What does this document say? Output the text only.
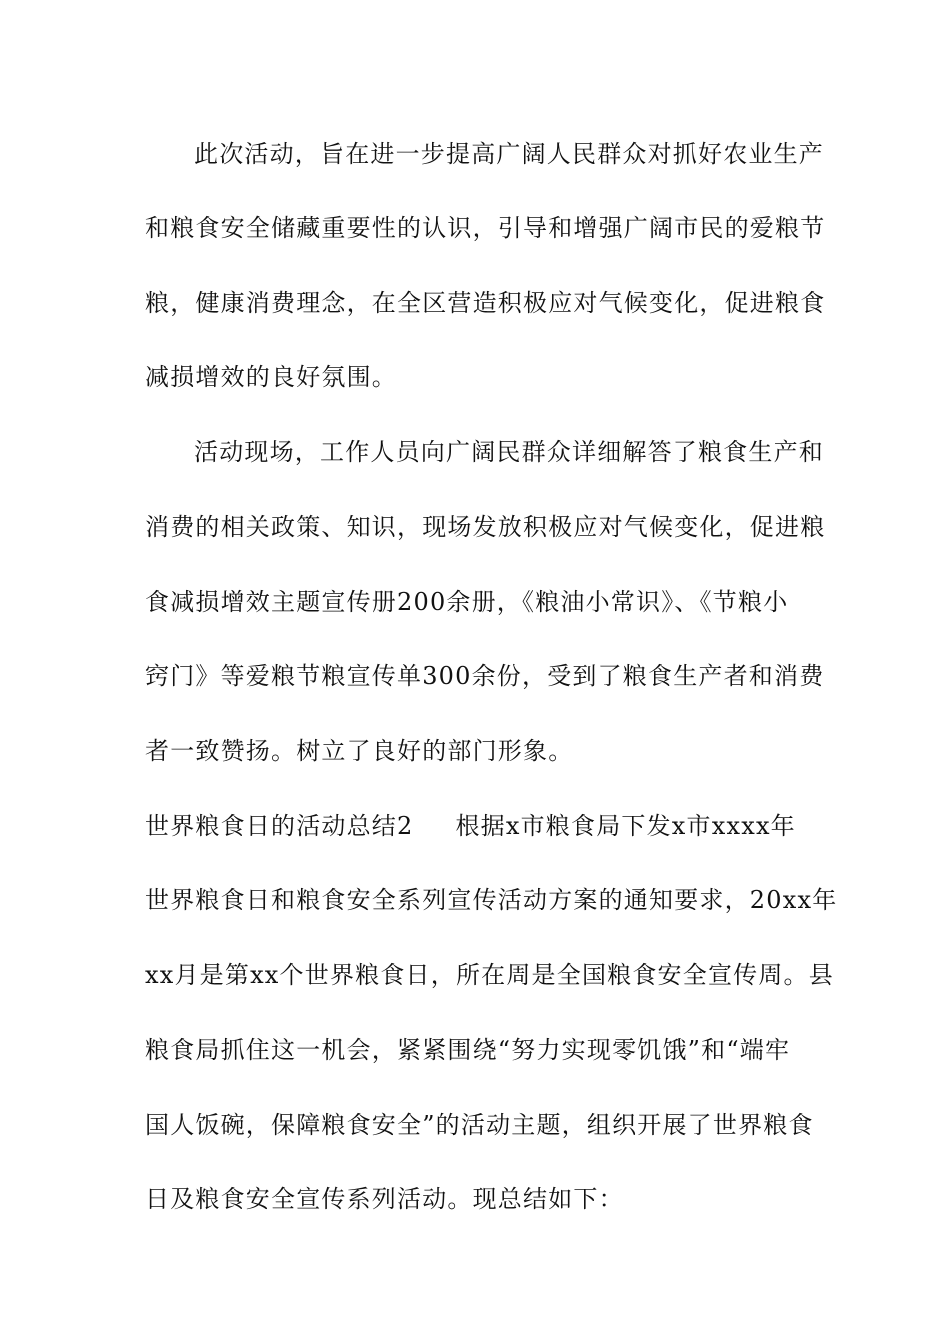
此次活动，旨在进一步提高广阔人民群众对抓好农业生产
和粮食安全储藏重要性的认识，引导和增强广阔市民的爱粮节
粮，健康消费理念，在全区营造积极应对气候变化，促进粮食
减损增效的良好氛围。
活动现场，工作人员向广阔民群众详细解答了粮食生产和
消费的相关政策、知识，现场发放积极应对气候变化，促进粮
食减损增效主题宣传册200余册，《粮油小常识》、《节粮小
窍门》等爱粮节粮宣传单300余份，受到了粮食生产者和消费
者一致赞扬。树立了良好的部门形象。
世界粮食日的活动总结2 根据x市粮食局下发x市xxxx年
世界粮食日和粮食安全系列宣传活动方案的通知要求，20xx年
xx月是第xx个世界粮食日，所在周是全国粮食安全宣传周。县
粮食局抓住这一机会，紧紧围绕“努力实现零饥饿”和“端牢
国人饭碗，保障粮食安全”的活动主题，组织开展了世界粮食
日及粮食安全宣传系列活动。现总结如下：
